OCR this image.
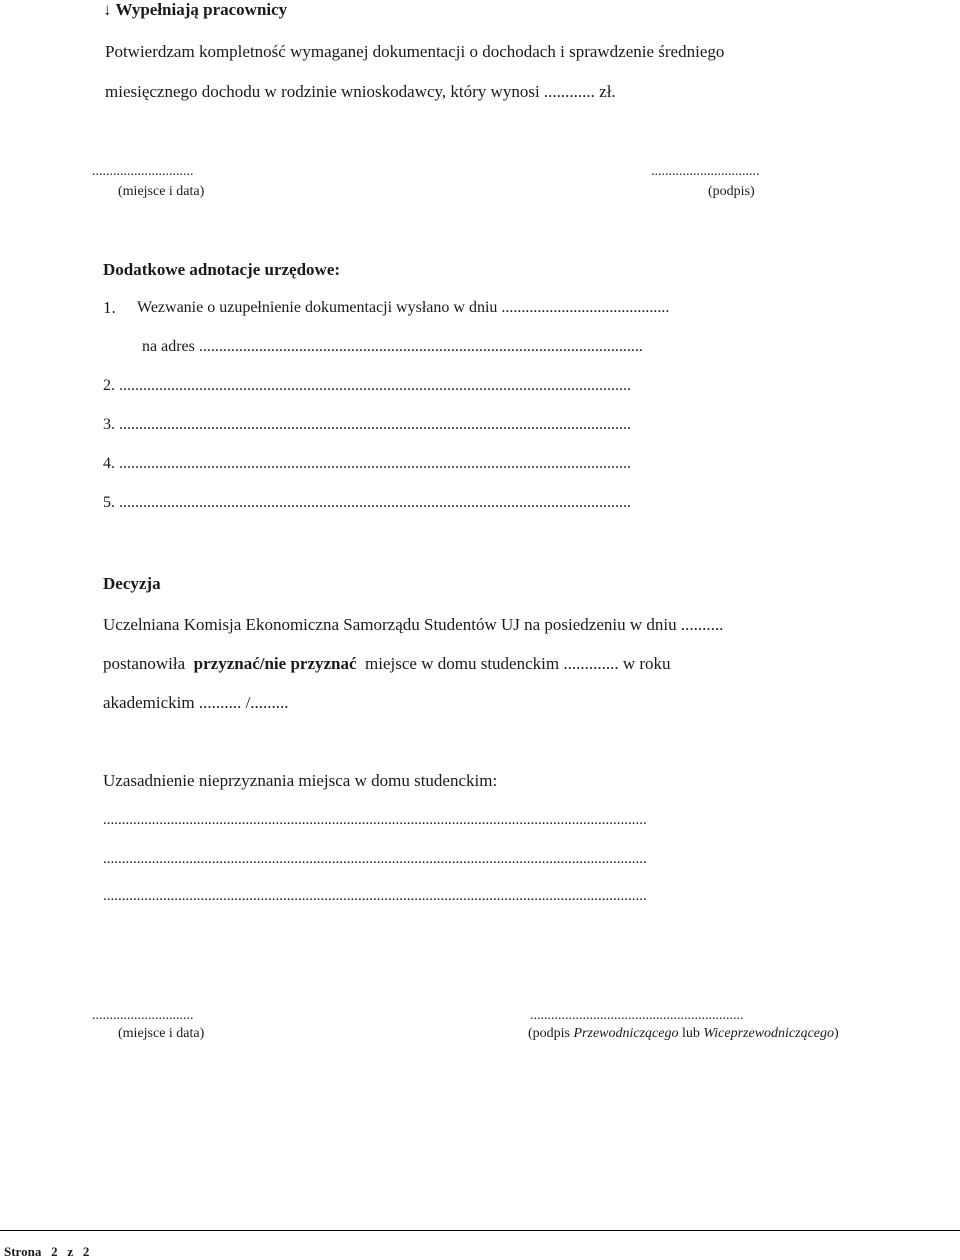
↓ Wypełniają pracownicy
Potwierdzam kompletność wymaganej dokumentacji o dochodach i sprawdzenie średniego
miesięcznego dochodu w rodzinie wnioskodawcy, który wynosi ............ zł.
.............................
(miejsce i data)
...............................
(podpis)
Dodatkowe adnotacje urzędowe:
1. Wezwanie o uzupełnienie dokumentacji wysłano w dniu ..........................................
na adres ...............................................................................................................
2. ................................................................................................................................
3. ................................................................................................................................
4. ................................................................................................................................
5. ................................................................................................................................
Decyzja
Uczelniana Komisja Ekonomiczna Samorządu Studentów UJ na posiedzeniu w dniu ..........
postanowiła przyznać/nie przyznać miejsce w domu studenckim ............. w roku
akademickim .......... /.........
Uzasadnienie nieprzyznania miejsca w domu studenckim:
.................................................................................................................................................
.................................................................................................................................................
.................................................................................................................................................
.............................
(miejsce i data)
.............................................................
(podpis Przewodniczącego lub Wiceprzewodniczącego)
Strona   2   z   2
